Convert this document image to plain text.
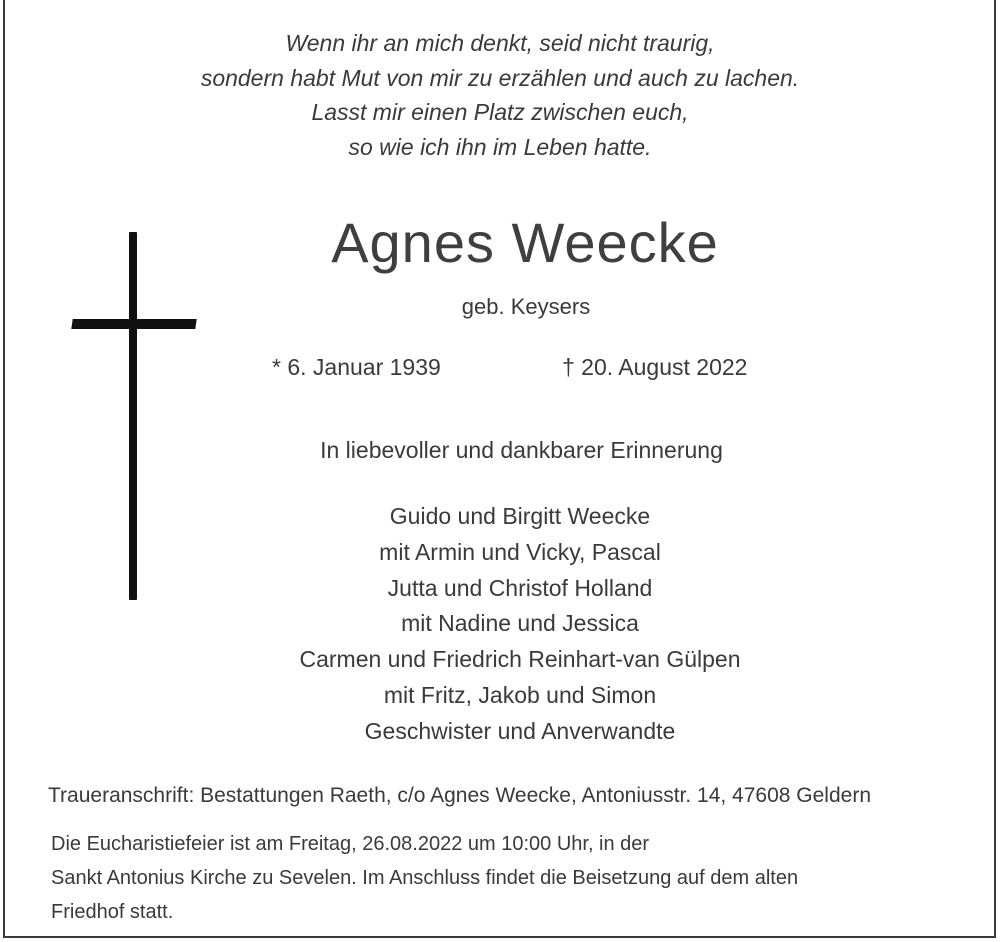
Wenn ihr an mich denkt, seid nicht traurig,
sondern habt Mut von mir zu erzählen und auch zu lachen.
Lasst mir einen Platz zwischen euch,
so wie ich ihn im Leben hatte.
Agnes Weecke
geb. Keysers
* 6. Januar 1939	† 20. August 2022
In liebevoller und dankbarer Erinnerung
Guido und Birgitt Weecke
mit Armin und Vicky, Pascal
Jutta und Christof Holland
mit Nadine und Jessica
Carmen und Friedrich Reinhart-van Gülpen
mit Fritz, Jakob und Simon
Geschwister und Anverwandte
Traueranschrift: Bestattungen Raeth, c/o Agnes Weecke, Antoniusstr. 14, 47608 Geldern
Die Eucharistiefeier ist am Freitag, 26.08.2022 um 10:00 Uhr, in der
Sankt Antonius Kirche zu Sevelen. Im Anschluss findet die Beisetzung auf dem alten
Friedhof statt.
